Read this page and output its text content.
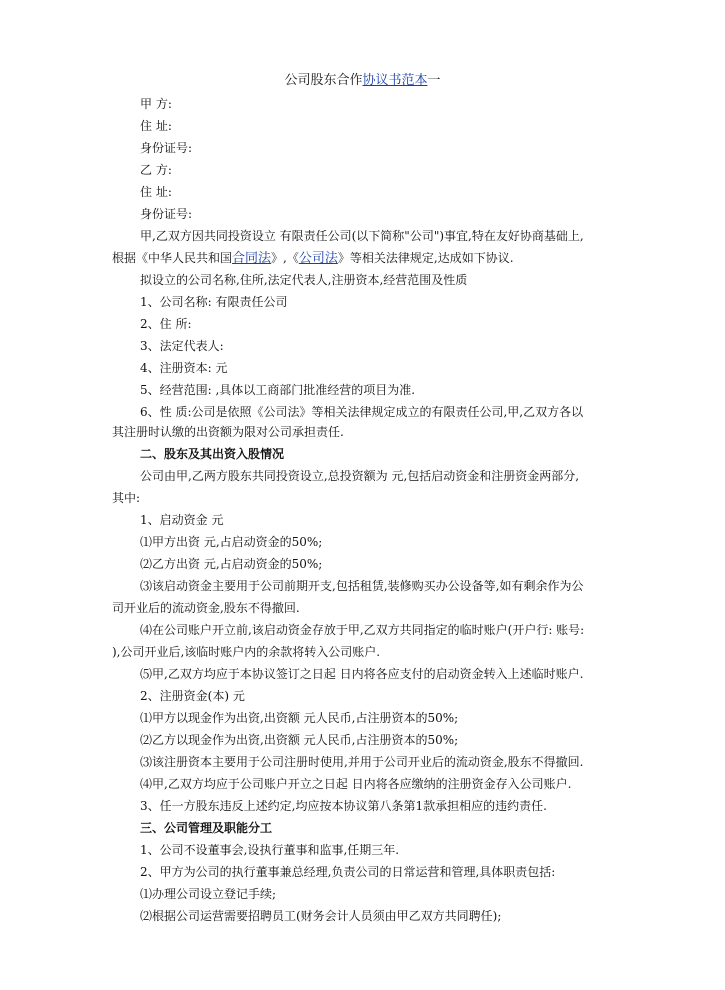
公司股东合作协议书范本一
甲 方:
住 址:
身份证号:
乙 方:
住 址:
身份证号:
甲,乙双方因共同投资设立 有限责任公司(以下简称"公司")事宜,特在友好协商基础上,
根据《中华人民共和国合同法》,《公司法》等相关法律规定,达成如下协议.
拟设立的公司名称,住所,法定代表人,注册资本,经营范围及性质
1、公司名称: 有限责任公司
2、住 所:
3、法定代表人:
4、注册资本: 元
5、经营范围: ,具体以工商部门批准经营的项目为准.
6、性 质:公司是依照《公司法》等相关法律规定成立的有限责任公司,甲,乙双方各以
其注册时认缴的出资额为限对公司承担责任.
二、股东及其出资入股情况
公司由甲,乙两方股东共同投资设立,总投资额为 元,包括启动资金和注册资金两部分,
其中:
1、启动资金 元
⑴甲方出资 元,占启动资金的50%;
⑵乙方出资 元,占启动资金的50%;
⑶该启动资金主要用于公司前期开支,包括租赁,装修购买办公设备等,如有剩余作为公
司开业后的流动资金,股东不得撤回.
⑷在公司账户开立前,该启动资金存放于甲,乙双方共同指定的临时账户(开户行: 账号:
),公司开业后,该临时账户内的余款将转入公司账户.
⑸甲,乙双方均应于本协议签订之日起 日内将各应支付的启动资金转入上述临时账户.
2、注册资金(本) 元
⑴甲方以现金作为出资,出资额 元人民币,占注册资本的50%;
⑵乙方以现金作为出资,出资额 元人民币,占注册资本的50%;
⑶该注册资本主要用于公司注册时使用,并用于公司开业后的流动资金,股东不得撤回.
⑷甲,乙双方均应于公司账户开立之日起 日内将各应缴纳的注册资金存入公司账户.
3、任一方股东违反上述约定,均应按本协议第八条第1款承担相应的违约责任.
三、公司管理及职能分工
1、公司不设董事会,设执行董事和监事,任期三年.
2、甲方为公司的执行董事兼总经理,负责公司的日常运营和管理,具体职责包括:
⑴办理公司设立登记手续;
⑵根据公司运营需要招聘员工(财务会计人员须由甲乙双方共同聘任);
